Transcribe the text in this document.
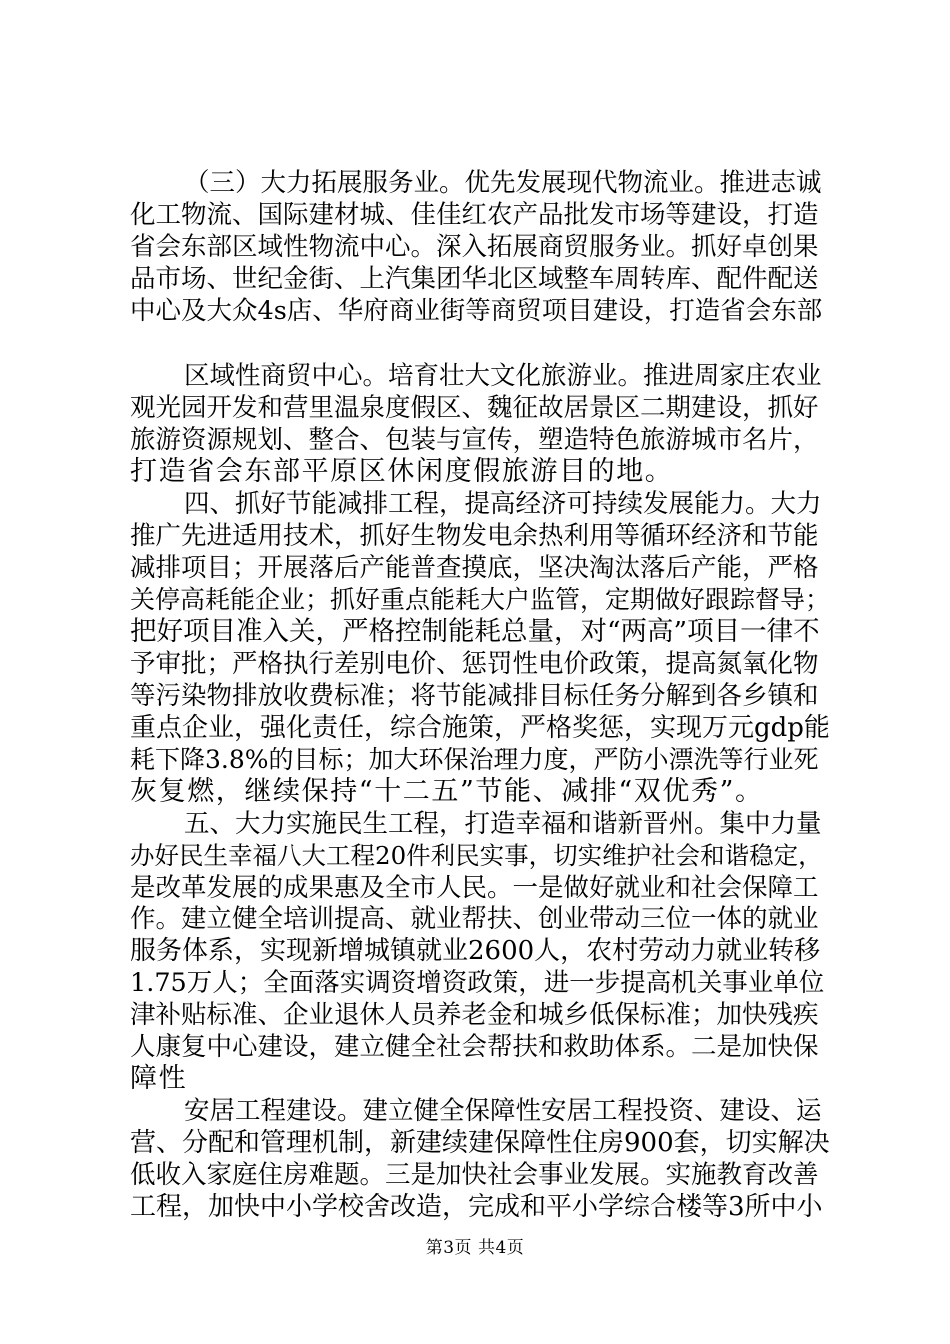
（三）大力拓展服务业。优先发展现代物流业。推进志诚
化工物流、国际建材城、佳佳红农产品批发市场等建设，打造
省会东部区域性物流中心。深入拓展商贸服务业。抓好卓创果
品市场、世纪金街、上汽集团华北区域整车周转库、配件配送
中心及大众4s店、华府商业街等商贸项目建设，打造省会东部
区域性商贸中心。培育壮大文化旅游业。推进周家庄农业
观光园开发和营里温泉度假区、魏征故居景区二期建设，抓好
旅游资源规划、整合、包装与宣传，塑造特色旅游城市名片，
打造省会东部平原区休闲度假旅游目的地。
四、抓好节能减排工程，提高经济可持续发展能力。大力
推广先进适用技术，抓好生物发电余热利用等循环经济和节能
减排项目；开展落后产能普查摸底，坚决淘汰落后产能，严格
关停高耗能企业；抓好重点能耗大户监管，定期做好跟踪督导；
把好项目准入关，严格控制能耗总量，对“两高”项目一律不
予审批；严格执行差别电价、惩罚性电价政策，提高氮氧化物
等污染物排放收费标准；将节能减排目标任务分解到各乡镇和
重点企业，强化责任，综合施策，严格奖惩，实现万元gdp能
耗下降3.8%的目标；加大环保治理力度，严防小漂洗等行业死
灰复燃，继续保持“十二五”节能、减排“双优秀”。
五、大力实施民生工程，打造幸福和谐新晋州。集中力量
办好民生幸福八大工程20件利民实事，切实维护社会和谐稳定，
是改革发展的成果惠及全市人民。一是做好就业和社会保障工
作。建立健全培训提高、就业帮扶、创业带动三位一体的就业
服务体系，实现新增城镇就业2600人，农村劳动力就业转移
1.75万人；全面落实调资增资政策，进一步提高机关事业单位
津补贴标准、企业退休人员养老金和城乡低保标准；加快残疾
人康复中心建设，建立健全社会帮扶和救助体系。二是加快保
障性
安居工程建设。建立健全保障性安居工程投资、建设、运
营、分配和管理机制，新建续建保障性住房900套，切实解决
低收入家庭住房难题。三是加快社会事业发展。实施教育改善
工程，加快中小学校舍改造，完成和平小学综合楼等3所中小
第3页 共4页
